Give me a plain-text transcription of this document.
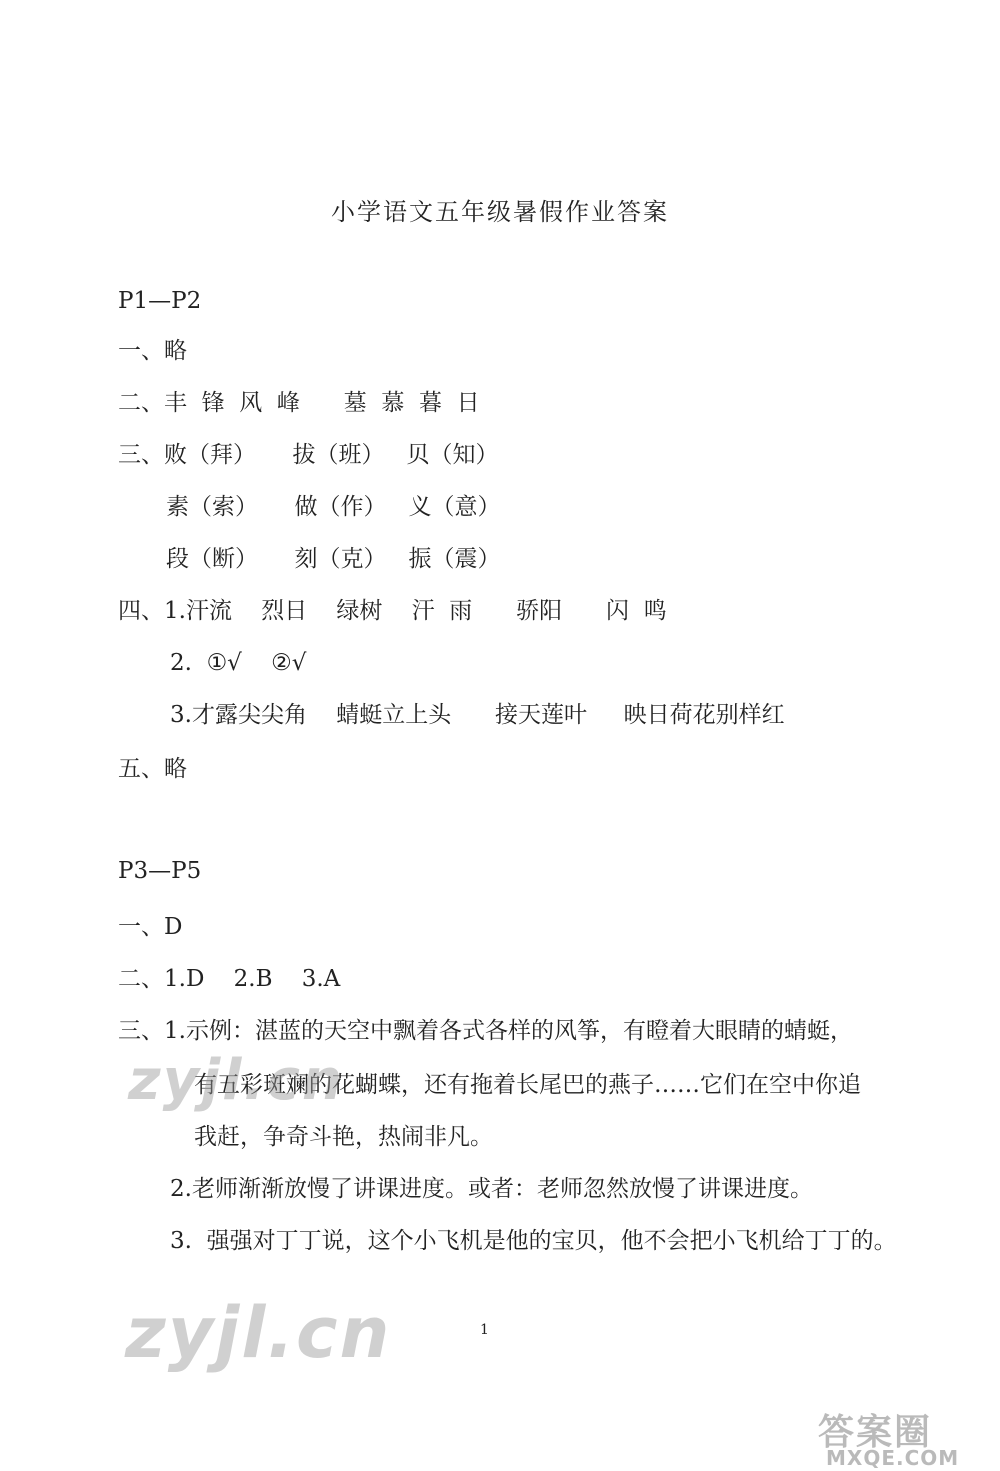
小学语文五年级暑假作业答案
P1—P2
一、略
二、丰  锋  风  峰      墓  慕  暮  日
三、败（拜）     拔（班）   贝（知）
素（索）     做（作）   义（意）
段（断）     刻（克）   振（震）
四、1.汗流    烈日    绿树    汗  雨      骄阳      闪  鸣
2.  ①√    ②√
3.才露尖尖角    蜻蜓立上头      接天莲叶     映日荷花别样红
五、略
P3—P5
一、D
二、1.D    2.B    3.A
三、1.示例：湛蓝的天空中飘着各式各样的风筝，有瞪着大眼睛的蜻蜓，
有五彩斑斓的花蝴蝶，还有拖着长尾巴的燕子……它们在空中你追
我赶，争奇斗艳，热闹非凡。
2.老师渐渐放慢了讲课进度。或者：老师忽然放慢了讲课进度。
3.  强强对丁丁说，这个小飞机是他的宝贝，他不会把小飞机给丁丁的。
zyjl.cn
zyjl.cn	1
答案圈
MXQE.COM
